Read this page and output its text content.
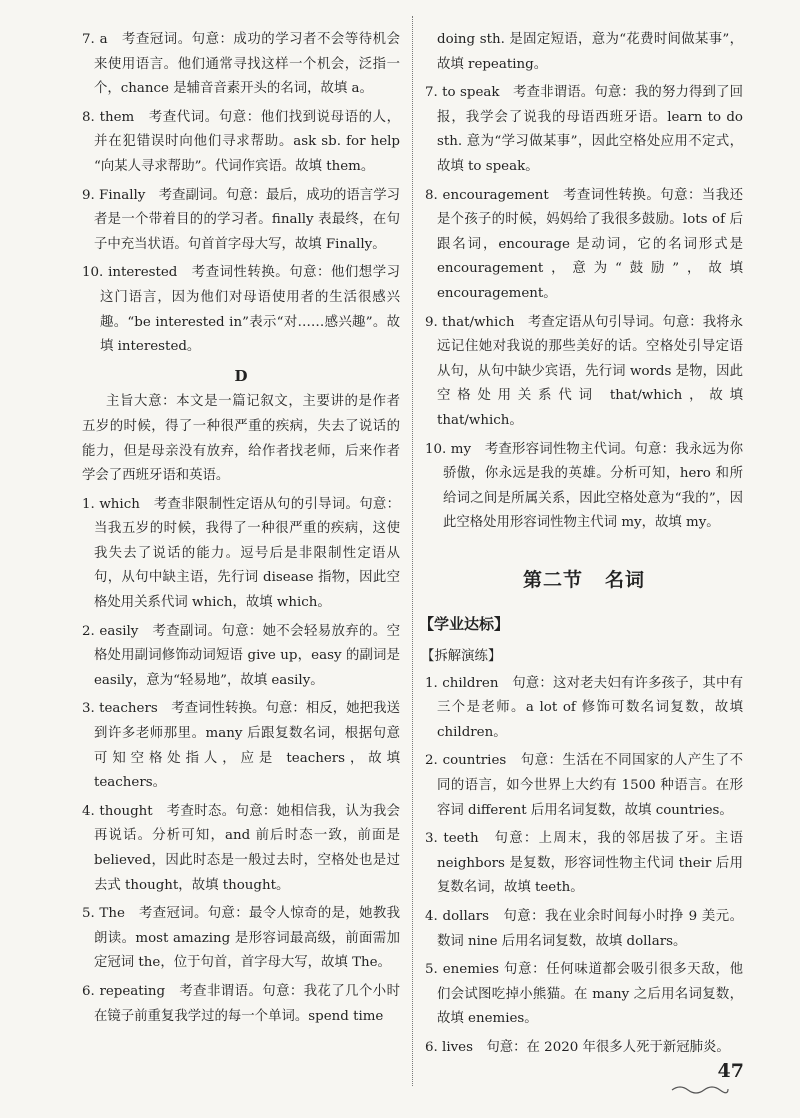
7. a　考查冠词。句意：成功的学习者不会等待机会来使用语言。他们通常寻找这样一个机会，泛指一个，chance 是辅音音素开头的名词，故填 a。
8. them　考查代词。句意：他们找到说母语的人，并在犯错误时向他们寻求帮助。ask sb. for help “向某人寻求帮助”。代词作宾语。故填 them。
9. Finally　考查副词。句意：最后，成功的语言学习者是一个带着目的的学习者。finally 表最终，在句子中充当状语。句首首字母大写，故填 Finally。
10. interested　考查词性转换。句意：他们想学习这门语言，因为他们对母语使用者的生活很感兴趣。“be interested in”表示“对……感兴趣”。故填 interested。
D
主旨大意：本文是一篇记叙文，主要讲的是作者五岁的时候，得了一种很严重的疾病，失去了说话的能力，但是母亲没有放弃，给作者找老师，后来作者学会了西班牙语和英语。
1. which　考查非限制性定语从句的引导词。句意：当我五岁的时候，我得了一种很严重的疾病，这使我失去了说话的能力。逗号后是非限制性定语从句，从句中缺主语，先行词 disease 指物，因此空格处用关系代词 which，故填 which。
2. easily　考查副词。句意：她不会轻易放弃的。空格处用副词修饰动词短语 give up，easy 的副词是 easily，意为“轻易地”，故填 easily。
3. teachers　考查词性转换。句意：相反，她把我送到许多老师那里。many 后跟复数名词，根据句意可知空格处指人，应是 teachers，故填 teachers。
4. thought　考查时态。句意：她相信我，认为我会再说话。分析可知，and 前后时态一致，前面是 believed，因此时态是一般过去时，空格处也是过去式 thought，故填 thought。
5. The　考查冠词。句意：最令人惊奇的是，她教我朗读。most amazing 是形容词最高级，前面需加定冠词 the，位于句首，首字母大写，故填 The。
6. repeating　考查非谓语。句意：我花了几个小时在镜子前重复我学过的每一个单词。spend time
doing sth. 是固定短语，意为“花费时间做某事”，故填 repeating。
7. to speak　考查非谓语。句意：我的努力得到了回报，我学会了说我的母语西班牙语。learn to do sth. 意为“学习做某事”，因此空格处应用不定式，故填 to speak。
8. encouragement　考查词性转换。句意：当我还是个孩子的时候，妈妈给了我很多鼓励。lots of 后跟名词，encourage 是动词，它的名词形式是 encouragement，意为“鼓励”，故填 encouragement。
9. that/which　考查定语从句引导词。句意：我将永远记住她对我说的那些美好的话。空格处引导定语从句，从句中缺少宾语，先行词 words 是物，因此空格处用关系代词 that/which，故填 that/which。
10. my　考查形容词性物主代词。句意：我永远为你骄傲，你永远是我的英雄。分析可知，hero 和所给词之间是所属关系，因此空格处意为“我的”，因此空格处用形容词性物主代词 my，故填 my。
第二节 名词
【学业达标】
【拆解演练】
1. children　句意：这对老夫妇有许多孩子，其中有三个是老师。a lot of 修饰可数名词复数，故填 children。
2. countries　句意：生活在不同国家的人产生了不同的语言，如今世界上大约有 1500 种语言。在形容词 different 后用名词复数，故填 countries。
3. teeth　句意：上周末，我的邻居拔了牙。主语 neighbors 是复数，形容词性物主代词 their 后用复数名词，故填 teeth。
4. dollars　句意：我在业余时间每小时挣 9 美元。数词 nine 后用名词复数，故填 dollars。
5. enemies 句意：任何味道都会吸引很多天敌，他们会试图吃掉小熊猫。在 many 之后用名词复数，故填 enemies。
6. lives　句意：在 2020 年很多人死于新冠肺炎。
47
